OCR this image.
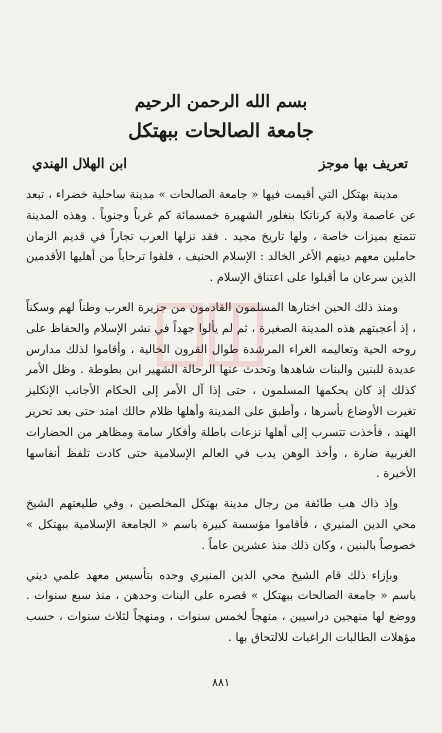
بسم الله الرحمن الرحيم
جامعة الصالحات ببهتكل
تعريف بها موجز
ابن الهلال الهندي

مدينة بهتكل التي أقيمت فيها « جامعة الصالحات » مدينة ساحلية خضراء ، تبعد عن عاصمة ولاية كرناتكا بنغلور الشهيرة خمسمائة كم غرباً وجنوباً . وهذه المدينة تتمتع بميزات خاصة ، ولها تاريخ مجيد . فقد نزلها العرب تجاراً في قديم الزمان حاملين معهم دينهم الأغر الخالد : الإسلام الحنيف ، فلقوا ترحاباً من أهليها الأقدمين الذين سرعان ما أقبلوا على اعتناق الإسلام .

ومنذ ذلك الحين اختارها المسلمون القادمون من جزيرة العرب وطناً لهم وسكناً ، إذ أعجبتهم هذه المدينة الصغيرة ، ثم لم يألوا جهداً في نشر الإسلام والحفاظ على روحه الحية وتعاليمه الغراء المرشدة طوال القرون الخالية ، وأقاموا لذلك مدارس عديدة للبنين والبنات شاهدها وتحدث عنها الرحالة الشهير ابن بطوطة . وظل الأمر كذلك إذ كان يحكمها المسلمون ، حتى إذا آل الأمر إلى الحكام الأجانب الإنكليز تغيرت الأوضاع بأسرها ، وأطبق على المدينة وأهلها ظلام حالك امتد حتى بعد تحرير الهند ، فأخذت تتسرب إلى أهلها نزعات باطلة وأفكار سامة ومظاهر من الحضارات الغربية ضارة ، وأخذ الوهن يدب في العالم الإسلامية حتى كادت تلفظ أنفاسها الأخيرة .

وإذ ذاك هب طائفة من رجال مدينة بهتكل المخلصين ، وفي طليعتهم الشيخ محي الدين المنيري ، فأقاموا مؤسسة كبيرة باسم « الجامعة الإسلامية ببهتكل » خصوصاً بالبنين ، وكان ذلك منذ عشرين عاماً .

وبإزاء ذلك قام الشيخ محي الدين المنيري وحده بتأسيس معهد علمي ديني باسم « جامعة الصالحات ببهتكل » قصره على البنات وحدهن ، منذ سبع سنوات . ووضع لها منهجين دراسيين ، منهجاً لخمس سنوات ، ومنهجاً لثلاث سنوات ، حسب مؤهلات الطالبات الراغبات للالتحاق بها .

٨٨١
